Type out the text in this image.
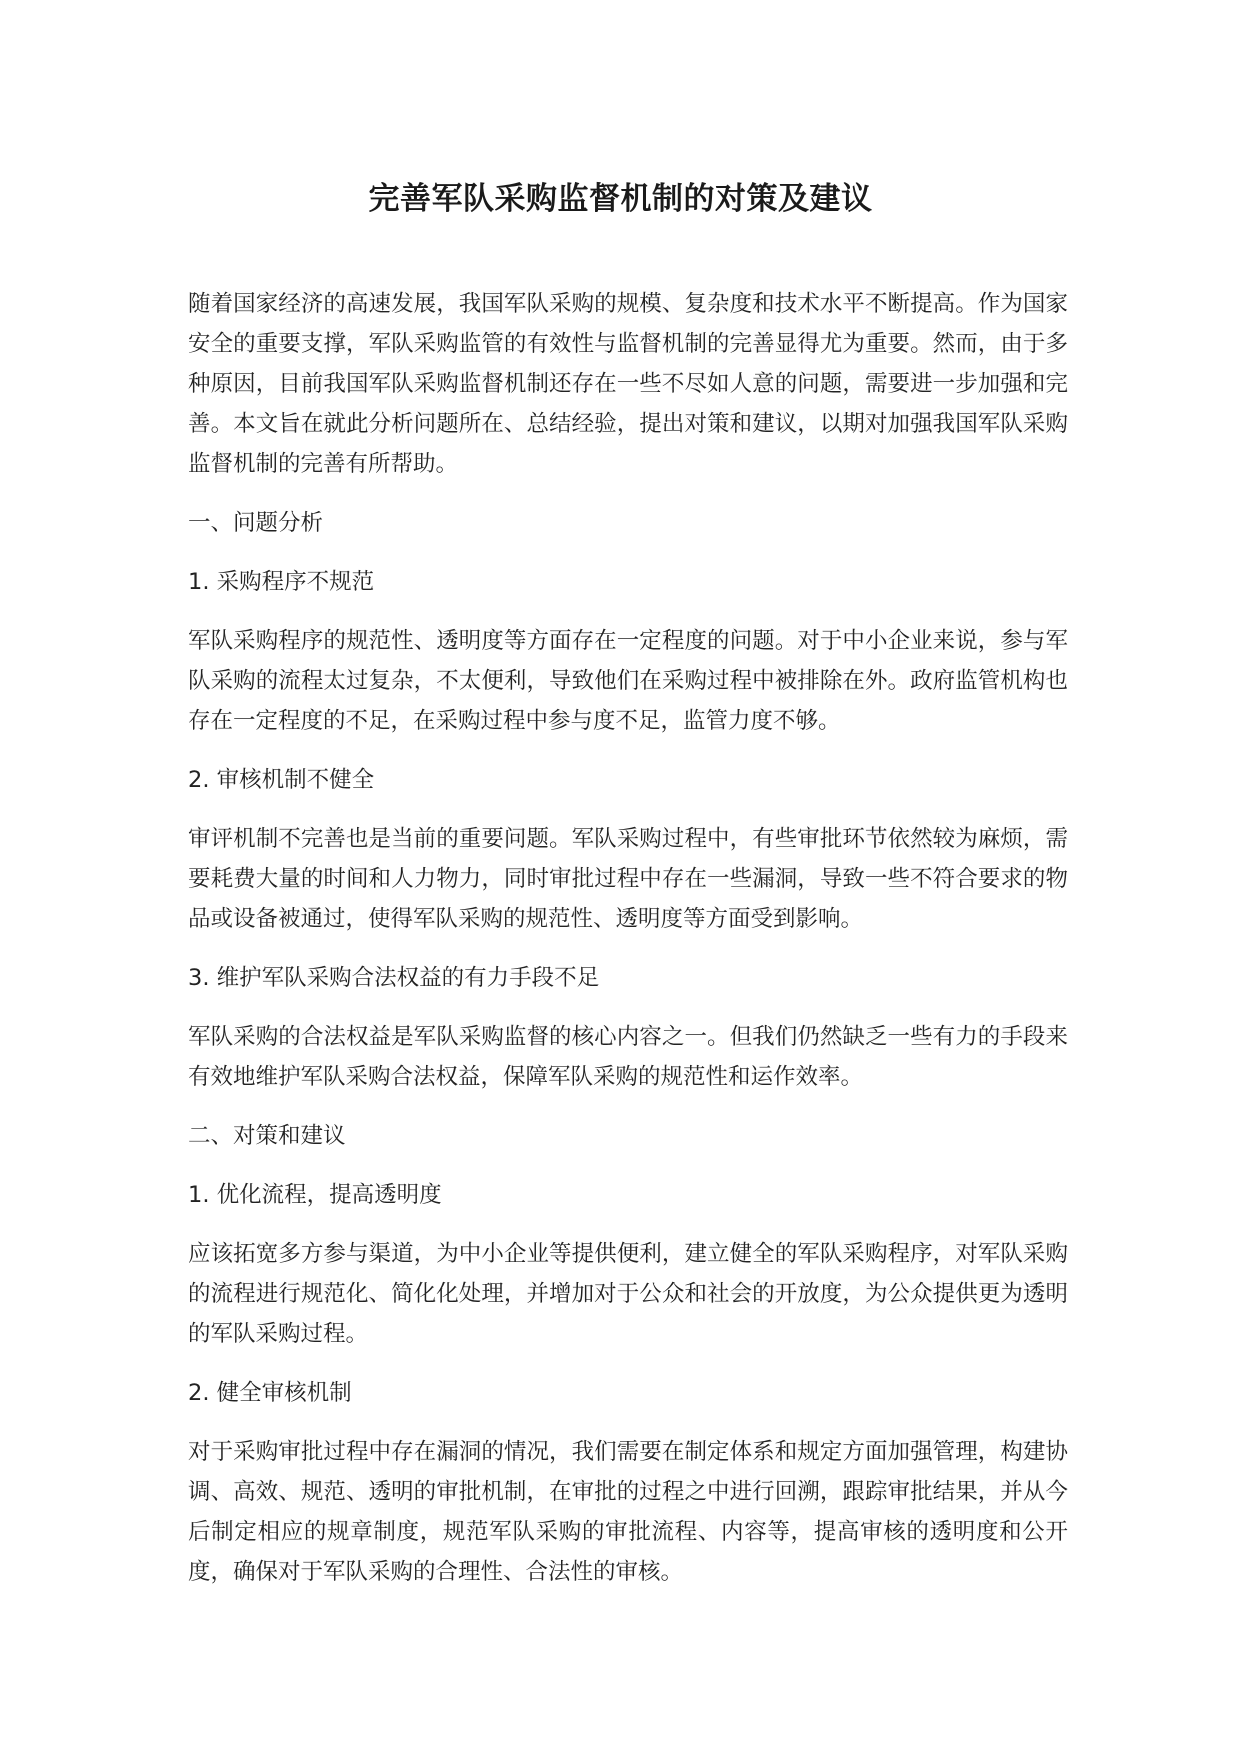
完善军队采购监督机制的对策及建议

随着国家经济的高速发展，我国军队采购的规模、复杂度和技术水平不断提高。作为国家安全的重要支撑，军队采购监管的有效性与监督机制的完善显得尤为重要。然而，由于多种原因，目前我国军队采购监督机制还存在一些不尽如人意的问题，需要进一步加强和完善。本文旨在就此分析问题所在、总结经验，提出对策和建议，以期对加强我国军队采购监督机制的完善有所帮助。

一、问题分析

1. 采购程序不规范

军队采购程序的规范性、透明度等方面存在一定程度的问题。对于中小企业来说，参与军队采购的流程太过复杂，不太便利，导致他们在采购过程中被排除在外。政府监管机构也存在一定程度的不足，在采购过程中参与度不足，监管力度不够。

2. 审核机制不健全

审评机制不完善也是当前的重要问题。军队采购过程中，有些审批环节依然较为麻烦，需要耗费大量的时间和人力物力，同时审批过程中存在一些漏洞，导致一些不符合要求的物品或设备被通过，使得军队采购的规范性、透明度等方面受到影响。

3. 维护军队采购合法权益的有力手段不足

军队采购的合法权益是军队采购监督的核心内容之一。但我们仍然缺乏一些有力的手段来有效地维护军队采购合法权益，保障军队采购的规范性和运作效率。

二、对策和建议

1. 优化流程，提高透明度

应该拓宽多方参与渠道，为中小企业等提供便利，建立健全的军队采购程序，对军队采购的流程进行规范化、简化化处理，并增加对于公众和社会的开放度，为公众提供更为透明的军队采购过程。

2. 健全审核机制

对于采购审批过程中存在漏洞的情况，我们需要在制定体系和规定方面加强管理，构建协调、高效、规范、透明的审批机制，在审批的过程之中进行回溯，跟踪审批结果，并从今后制定相应的规章制度，规范军队采购的审批流程、内容等，提高审核的透明度和公开度，确保对于军队采购的合理性、合法性的审核。
